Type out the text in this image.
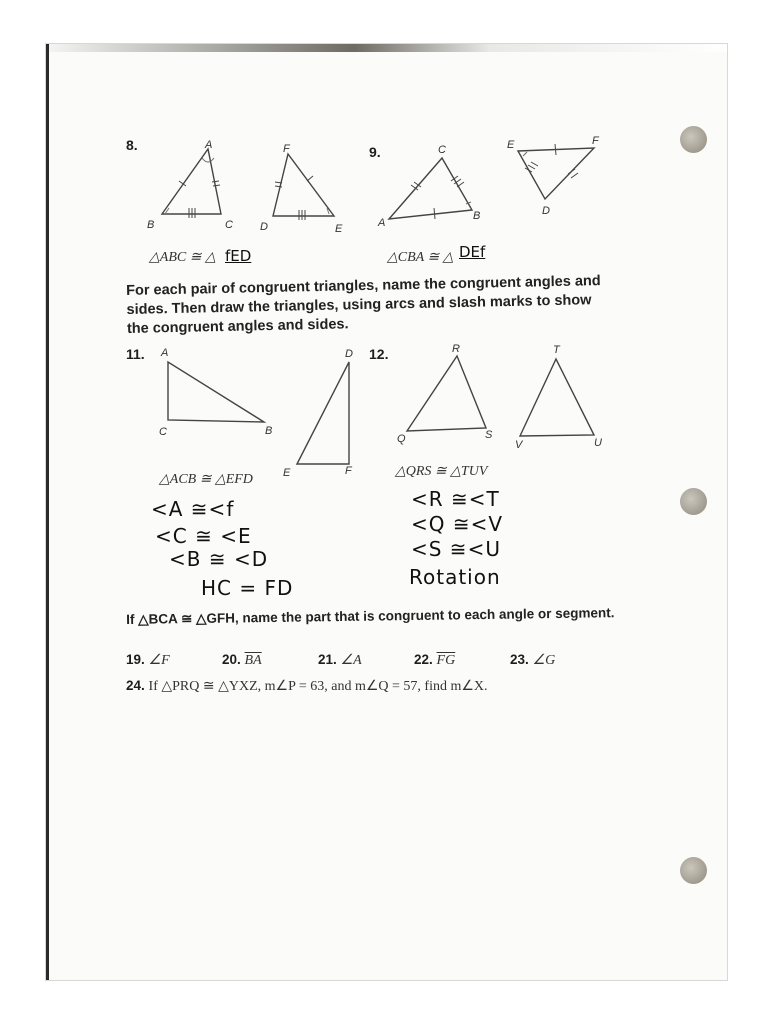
8.	A
B	C
F
D	E
△ABC ≅ △ fED
9.	C
A
B
E	F
D
△CBA ≅ △ DEf
For each pair of congruent triangles, name the congruent angles and sides. Then draw the triangles, using arcs and slash marks to show the congruent angles and sides.
11. A
C	B
D
E	F
△ACB ≅ △EFD
<A ≅<f
<C ≅ <E
<B ≅ <D
HC = FD
12.	R
Q	S
T
V	U
△QRS ≅ △TUV
<R ≅<T
<Q ≅<V
<S ≅<U
Rotation
If △BCA ≅ △GFH, name the part that is congruent to each angle or segment.
19. ∠F	20. $\overline{BA}$	21. ∠A	22. $\overline{FG}$	23. ∠G
24. If △PRQ ≅ △YXZ, m∠P = 63, and m∠Q = 57, find m∠X.
